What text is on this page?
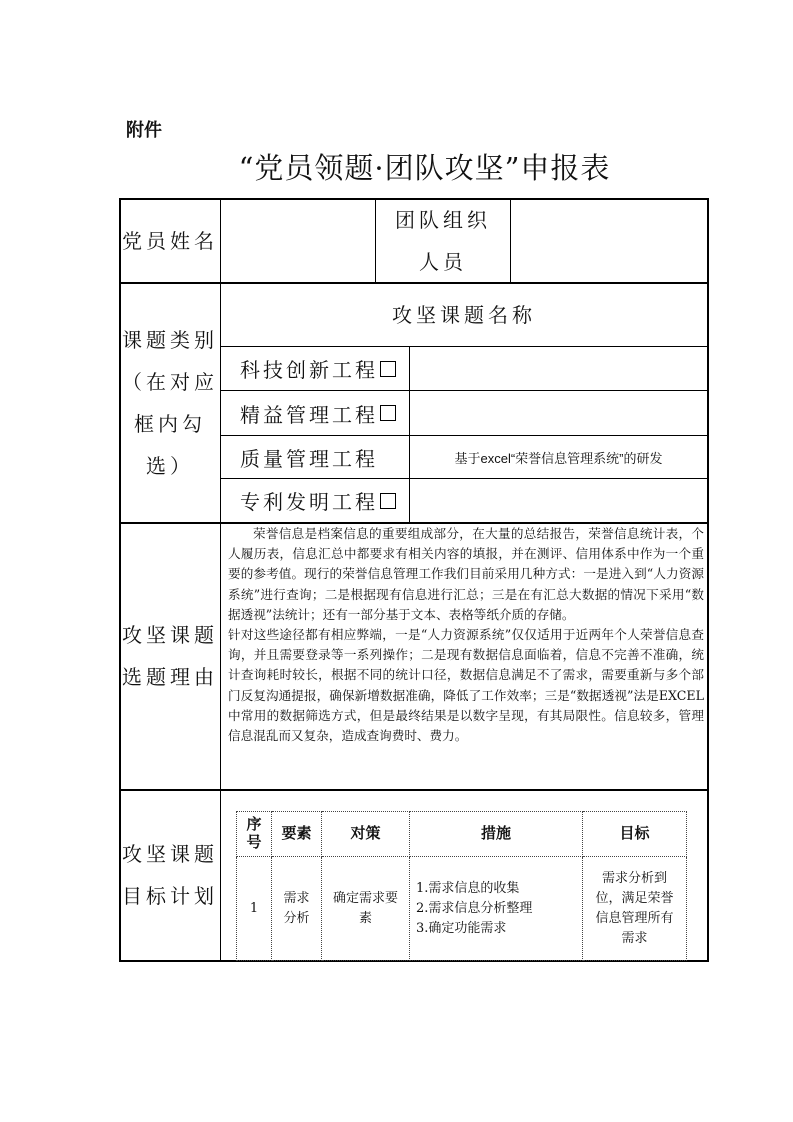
附件
“党员领题·团队攻坚”申报表
党员姓名
团队组织
人员
课题类别
（在对应
框内勾
选）
攻坚课题名称
科技创新工程
精益管理工程
质量管理工程	基于excel“荣誉信息管理系统”的研发
专利发明工程
攻坚课题
选题理由

荣誉信息是档案信息的重要组成部分，在大量的总结报告，荣誉信息统计表，个人履历表，信息汇总中都要求有相关内容的填报，并在测评、信用体系中作为一个重要的参考值。现行的荣誉信息管理工作我们目前采用几种方式：一是进入到“人力资源系统”进行查询；二是根据现有信息进行汇总；三是在有汇总大数据的情况下采用“数据透视”法统计；还有一部分基于文本、表格等纸介质的存储。

针对这些途径都有相应弊端，一是“人力资源系统”仅仅适用于近两年个人荣誉信息查询，并且需要登录等一系列操作；二是现有数据信息面临着，信息不完善不准确，统计查询耗时较长，根据不同的统计口径，数据信息满足不了需求，需要重新与多个部门反复沟通提报，确保新增数据准确，降低了工作效率；三是“数据透视”法是EXCEL中常用的数据筛选方式，但是最终结果是以数字呈现，有其局限性。信息较多，管理信息混乱而又复杂，造成查询费时、费力。

攻坚课题
目标计划
序号	要素	对策	措施	目标
1	需求分析	确定需求要素	1.需求信息的收集
2.需求信息分析整理
3.确定功能需求	需求分析到位，满足荣誉信息管理所有需求
